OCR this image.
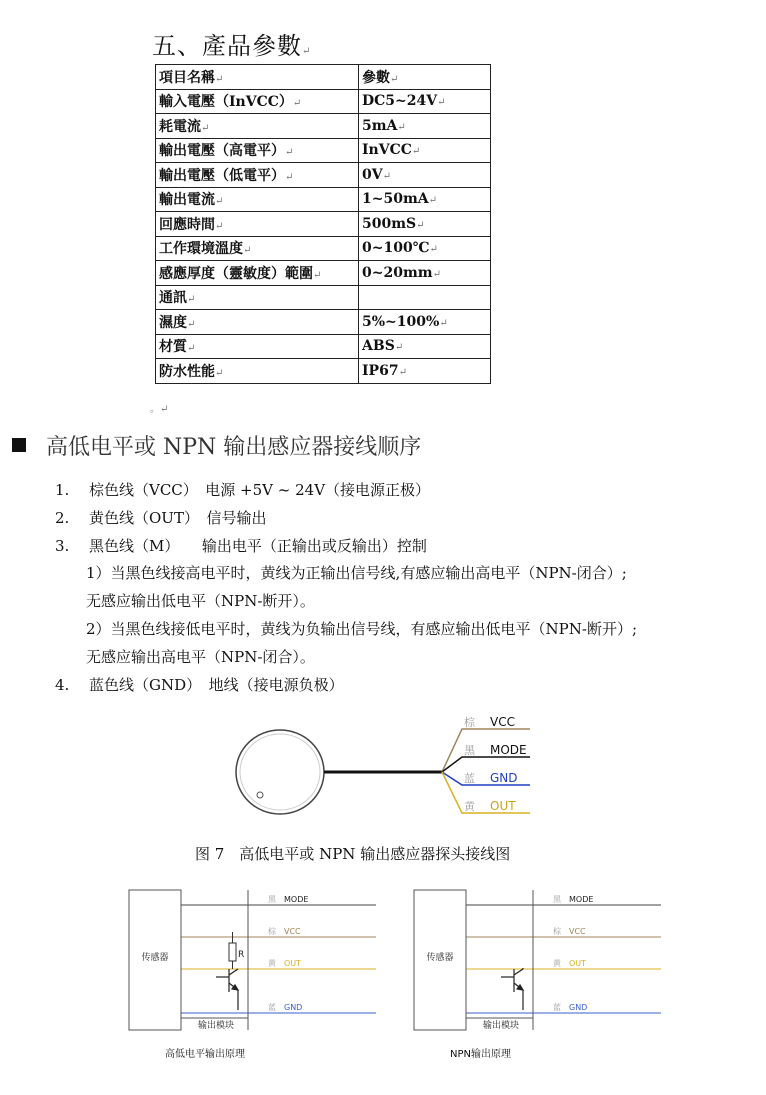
五、產品參數↵
項目名稱↵	參數↵
輸入電壓（InVCC）↵	DC5~24V↵
耗電流↵	5mA↵
輸出電壓（高電平）↵	InVCC↵
輸出電壓（低電平）↵	0V↵
輸出電流↵	1~50mA↵
回應時間↵	500mS↵
工作環境溫度↵	0~100℃↵
感應厚度（靈敏度）範圍↵	0~20mm↵
通訊↵	
濕度↵	5%~100%↵
材質↵	ABS↵
防水性能↵	IP67↵
。↵
高低电平或 NPN 输出感应器接线顺序
1. 棕色线（VCC）　电源 +5V ~ 24V（接电源正极）
2. 黄色线（OUT）　信号输出
3. 黑色线（M）　　输出电平（正输出或反输出）控制
1）当黑色线接高电平时，黄线为正输出信号线,有感应输出高电平（NPN-闭合）;
无感应输出低电平（NPN-断开）。
2）当黑色线接低电平时，黄线为负输出信号线，有感应输出低电平（NPN-断开）;
无感应输出高电平（NPN-闭合）。
4. 蓝色线（GND）　地线（接电源负极）
棕 VCC
黑 MODE
蓝 GND
黄 OUT
图 7　高低电平或 NPN 输出感应器探头接线图
黑 MODE
棕 VCC
黄 OUT
蓝 GND
传感器
输出模块
R
高低电平输出原理
黑 MODE
棕 VCC
黄 OUT
蓝 GND
传感器
输出模块
NPN输出原理
